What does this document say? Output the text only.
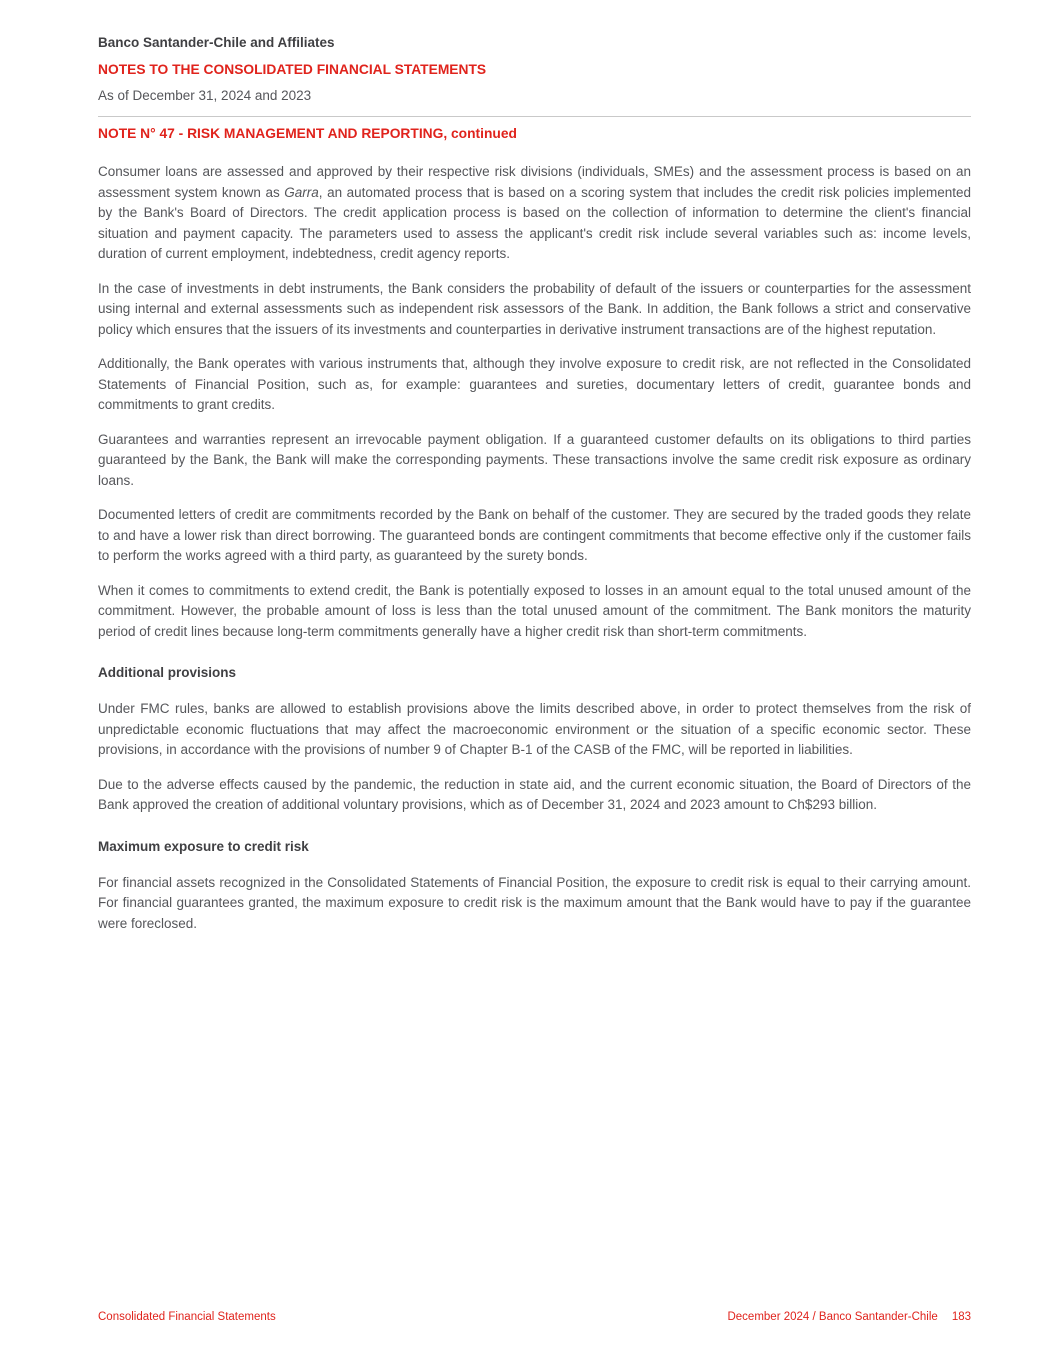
Banco Santander-Chile and Affiliates
NOTES TO THE CONSOLIDATED FINANCIAL STATEMENTS
As of December 31, 2024 and 2023
NOTE N° 47 - RISK MANAGEMENT AND REPORTING, continued

Consumer loans are assessed and approved by their respective risk divisions (individuals, SMEs) and the assessment process is based on an assessment system known as Garra, an automated process that is based on a scoring system that includes the credit risk policies implemented by the Bank's Board of Directors. The credit application process is based on the collection of information to determine the client's financial situation and payment capacity. The parameters used to assess the applicant's credit risk include several variables such as: income levels, duration of current employment, indebtedness, credit agency reports.

In the case of investments in debt instruments, the Bank considers the probability of default of the issuers or counterparties for the assessment using internal and external assessments such as independent risk assessors of the Bank. In addition, the Bank follows a strict and conservative policy which ensures that the issuers of its investments and counterparties in derivative instrument transactions are of the highest reputation.

Additionally, the Bank operates with various instruments that, although they involve exposure to credit risk, are not reflected in the Consolidated Statements of Financial Position, such as, for example: guarantees and sureties, documentary letters of credit, guarantee bonds and commitments to grant credits.

Guarantees and warranties represent an irrevocable payment obligation. If a guaranteed customer defaults on its obligations to third parties guaranteed by the Bank, the Bank will make the corresponding payments. These transactions involve the same credit risk exposure as ordinary loans.

Documented letters of credit are commitments recorded by the Bank on behalf of the customer. They are secured by the traded goods they relate to and have a lower risk than direct borrowing. The guaranteed bonds are contingent commitments that become effective only if the customer fails to perform the works agreed with a third party, as guaranteed by the surety bonds.

When it comes to commitments to extend credit, the Bank is potentially exposed to losses in an amount equal to the total unused amount of the commitment. However, the probable amount of loss is less than the total unused amount of the commitment. The Bank monitors the maturity period of credit lines because long-term commitments generally have a higher credit risk than short-term commitments.

Additional provisions

Under FMC rules, banks are allowed to establish provisions above the limits described above, in order to protect themselves from the risk of unpredictable economic fluctuations that may affect the macroeconomic environment or the situation of a specific economic sector. These provisions, in accordance with the provisions of number 9 of Chapter B-1 of the CASB of the FMC, will be reported in liabilities.

Due to the adverse effects caused by the pandemic, the reduction in state aid, and the current economic situation, the Board of Directors of the Bank approved the creation of additional voluntary provisions, which as of December 31, 2024 and 2023 amount to Ch$293 billion.

Maximum exposure to credit risk

For financial assets recognized in the Consolidated Statements of Financial Position, the exposure to credit risk is equal to their carrying amount. For financial guarantees granted, the maximum exposure to credit risk is the maximum amount that the Bank would have to pay if the guarantee were foreclosed.

Consolidated Financial Statements	December 2024 / Banco Santander-Chile 183
